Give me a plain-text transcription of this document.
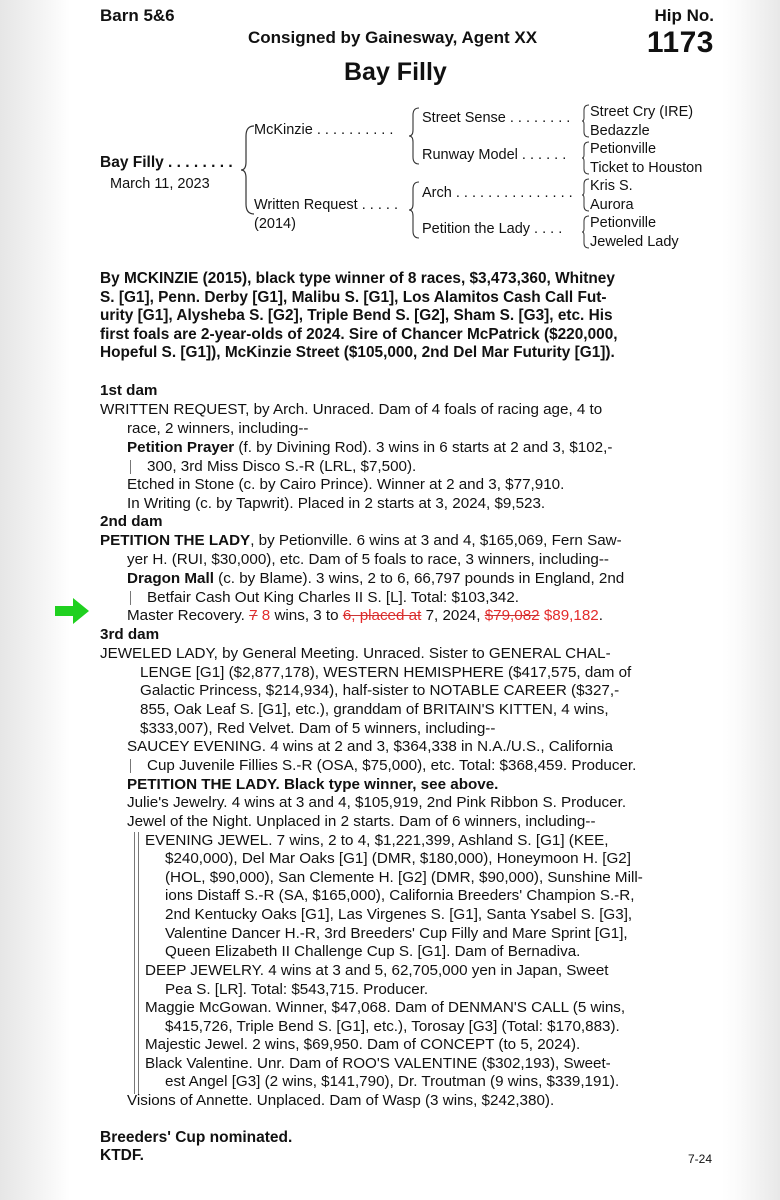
Barn 5&6	Hip No.
1173
Consigned by Gainesway, Agent XX
Bay Filly
Bay Filly . . . . . . . .
March 11, 2023
McKinzie . . . . . . . . . .
Written Request . . . . .
(2014)
Street Sense . . . . . . . .
Runway Model . . . . . .
Arch . . . . . . . . . . . . . . .
Petition the Lady . . . .
Street Cry (IRE)
Bedazzle
Petionville
Ticket to Houston
Kris S.
Aurora
Petionville
Jeweled Lady
By MCKINZIE (2015), black type winner of 8 races, $3,473,360, Whitney
S. [G1], Penn. Derby [G1], Malibu S. [G1], Los Alamitos Cash Call Fut-
urity [G1], Alysheba S. [G2], Triple Bend S. [G2], Sham S. [G3], etc. His
first foals are 2-year-olds of 2024. Sire of Chancer McPatrick ($220,000,
Hopeful S. [G1]), McKinzie Street ($105,000, 2nd Del Mar Futurity [G1]).
1st dam
WRITTEN REQUEST, by Arch. Unraced. Dam of 4 foals of racing age, 4 to
race, 2 winners, including--
Petition Prayer (f. by Divining Rod). 3 wins in 6 starts at 2 and 3, $102,-
300, 3rd Miss Disco S.-R (LRL, $7,500).
Etched in Stone (c. by Cairo Prince). Winner at 2 and 3, $77,910.
In Writing (c. by Tapwrit). Placed in 2 starts at 3, 2024, $9,523.
2nd dam
PETITION THE LADY, by Petionville. 6 wins at 3 and 4, $165,069, Fern Saw-
yer H. (RUI, $30,000), etc. Dam of 5 foals to race, 3 winners, including--
Dragon Mall (c. by Blame). 3 wins, 2 to 6, 66,797 pounds in England, 2nd
Betfair Cash Out King Charles II S. [L]. Total: $103,342.
Master Recovery. 7 8 wins, 3 to 6, placed at 7, 2024, $79,082 $89,182.
3rd dam
JEWELED LADY, by General Meeting. Unraced. Sister to GENERAL CHAL-
LENGE [G1] ($2,877,178), WESTERN HEMISPHERE ($417,575, dam of
Galactic Princess, $214,934), half-sister to NOTABLE CAREER ($327,-
855, Oak Leaf S. [G1], etc.), granddam of BRITAIN'S KITTEN, 4 wins,
$333,007), Red Velvet. Dam of 5 winners, including--
SAUCEY EVENING. 4 wins at 2 and 3, $364,338 in N.A./U.S., California
Cup Juvenile Fillies S.-R (OSA, $75,000), etc. Total: $368,459. Producer.
PETITION THE LADY. Black type winner, see above.
Julie's Jewelry. 4 wins at 3 and 4, $105,919, 2nd Pink Ribbon S. Producer.
Jewel of the Night. Unplaced in 2 starts. Dam of 6 winners, including--
EVENING JEWEL. 7 wins, 2 to 4, $1,221,399, Ashland S. [G1] (KEE,
$240,000), Del Mar Oaks [G1] (DMR, $180,000), Honeymoon H. [G2]
(HOL, $90,000), San Clemente H. [G2] (DMR, $90,000), Sunshine Mill-
ions Distaff S.-R (SA, $165,000), California Breeders' Champion S.-R,
2nd Kentucky Oaks [G1], Las Virgenes S. [G1], Santa Ysabel S. [G3],
Valentine Dancer H.-R, 3rd Breeders' Cup Filly and Mare Sprint [G1],
Queen Elizabeth II Challenge Cup S. [G1]. Dam of Bernadiva.
DEEP JEWELRY. 4 wins at 3 and 5, 62,705,000 yen in Japan, Sweet
Pea S. [LR]. Total: $543,715. Producer.
Maggie McGowan. Winner, $47,068. Dam of DENMAN'S CALL (5 wins,
$415,726, Triple Bend S. [G1], etc.), Torosay [G3] (Total: $170,883).
Majestic Jewel. 2 wins, $69,950. Dam of CONCEPT (to 5, 2024).
Black Valentine. Unr. Dam of ROO'S VALENTINE ($302,193), Sweet-
est Angel [G3] (2 wins, $141,790), Dr. Troutman (9 wins, $339,191).
Visions of Annette. Unplaced. Dam of Wasp (3 wins, $242,380).
Breeders' Cup nominated.
KTDF.	7-24
